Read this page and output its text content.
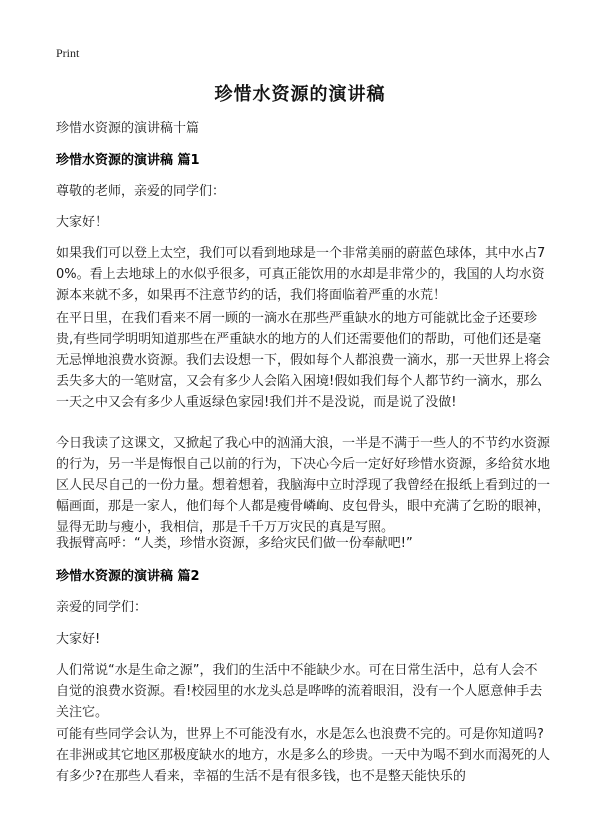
Print
珍惜水资源的演讲稿
珍惜水资源的演讲稿十篇
珍惜水资源的演讲稿 篇1
尊敬的老师，亲爱的同学们：
大家好！
如果我们可以登上太空，我们可以看到地球是一个非常美丽的蔚蓝色球体，其中水占70%。看上去地球上的水似乎很多，可真正能饮用的水却是非常少的，我国的人均水资源本来就不多，如果再不注意节约的话，我们将面临着严重的水荒！
在平日里，在我们看来不屑一顾的一滴水在那些严重缺水的地方可能就比金子还要珍贵,有些同学明明知道那些在严重缺水的地方的人们还需要他们的帮助，可他们还是毫无忌惮地浪费水资源。我们去设想一下，假如每个人都浪费一滴水，那一天世界上将会丢失多大的一笔财富，又会有多少人会陷入困境!假如我们每个人都节约一滴水，那么一天之中又会有多少人重返绿色家园!我们并不是没说，而是说了没做!
今日我读了这课文，又掀起了我心中的汹涌大浪，一半是不满于一些人的不节约水资源的行为，另一半是悔恨自己以前的行为，下决心今后一定好好珍惜水资源，多给贫水地区人民尽自己的一份力量。想着想着，我脑海中立时浮现了我曾经在报纸上看到过的一幅画面，那是一家人，他们每个人都是瘦骨嶙峋、皮包骨头，眼中充满了乞盼的眼神，显得无助与瘦小，我相信，那是千千万万灾民的真是写照。
我振臂高呼：“人类，珍惜水资源，多给灾民们做一份奉献吧!”
珍惜水资源的演讲稿 篇2
亲爱的同学们：
大家好!
人们常说“水是生命之源”，我们的生活中不能缺少水。可在日常生活中，总有人会不自觉的浪费水资源。看!校园里的水龙头总是哗哗的流着眼泪，没有一个人愿意伸手去关注它。
可能有些同学会认为，世界上不可能没有水，水是怎么也浪费不完的。可是你知道吗?在非洲或其它地区那极度缺水的地方，水是多么的珍贵。一天中为喝不到水而渴死的人有多少?在那些人看来，幸福的生活不是有很多钱，也不是整天能快乐的
